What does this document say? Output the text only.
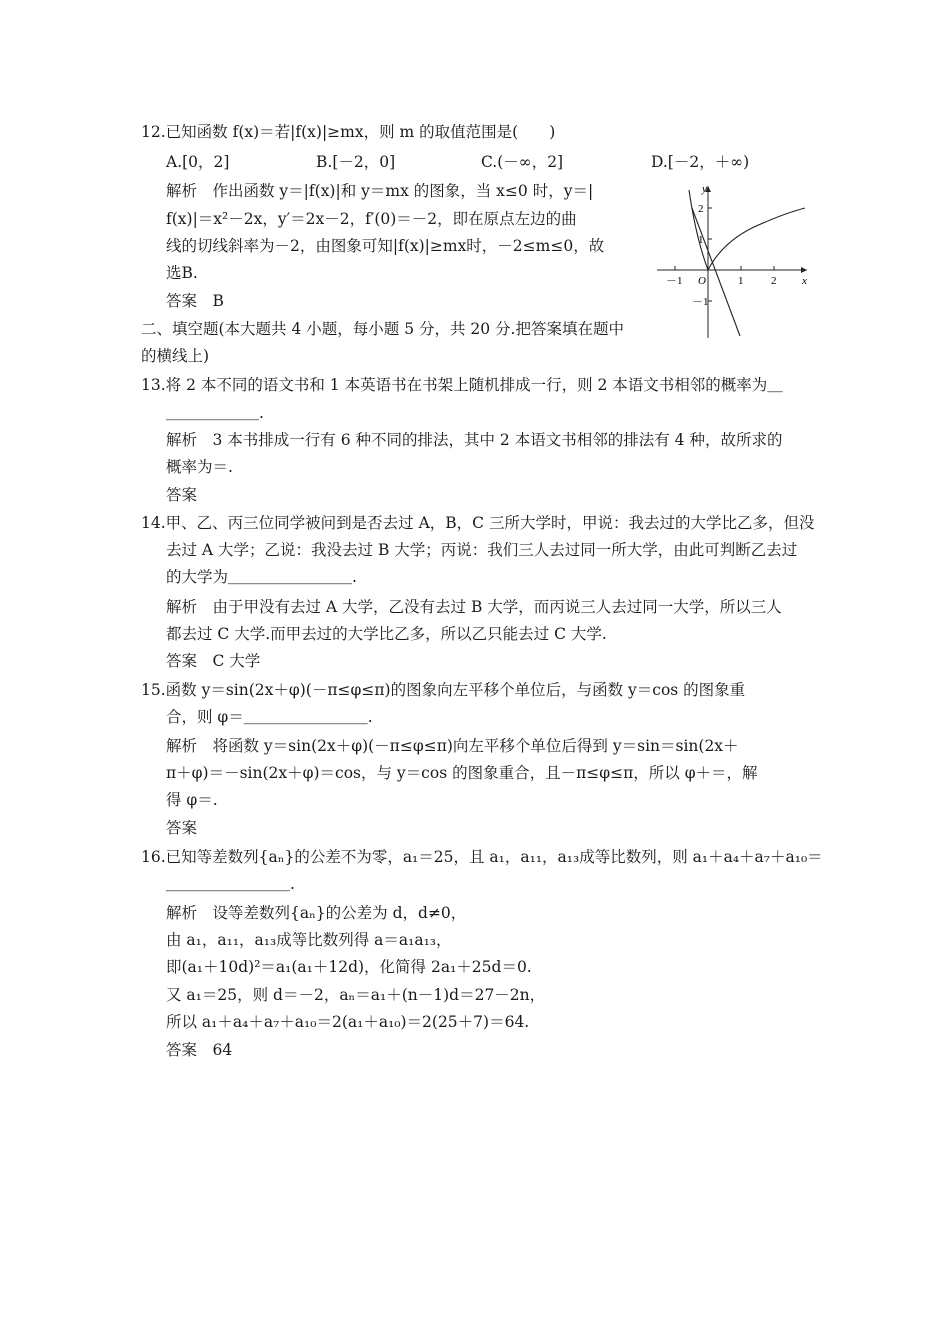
12.已知函数 f(x)＝若|f(x)|≥mx，则 m 的取值范围是(　　)
A.[0，2]	B.[－2，0]	C.(－∞，2]	D.[－2，＋∞)
解析　作出函数 y＝|f(x)|和 y＝mx 的图象，当 x≤0 时，y＝|
f(x)|＝x²－2x，y′＝2x－2，f′(0)＝－2，即在原点左边的曲
线的切线斜率为－2，由图象可知|f(x)|≥mx时，－2≤m≤0，故
选B.
答案　B
y
x
O
－1	1	2
2
1
－1
二、填空题(本大题共 4 小题，每小题 5 分，共 20 分.把答案填在题中
的横线上)
13.将 2 本不同的语文书和 1 本英语书在书架上随机排成一行，则 2 本语文书相邻的概率为＿
＿＿＿＿＿＿.
解析　3 本书排成一行有 6 种不同的排法，其中 2 本语文书相邻的排法有 4 种，故所求的
概率为＝.
答案
14.甲、乙、丙三位同学被问到是否去过 A，B，C 三所大学时，甲说：我去过的大学比乙多，但没
去过 A 大学；乙说：我没去过 B 大学；丙说：我们三人去过同一所大学，由此可判断乙去过
的大学为＿＿＿＿＿＿＿＿.
解析　由于甲没有去过 A 大学，乙没有去过 B 大学，而丙说三人去过同一大学，所以三人
都去过 C 大学.而甲去过的大学比乙多，所以乙只能去过 C 大学.
答案　C 大学
15.函数 y＝sin(2x＋φ)(－π≤φ≤π)的图象向左平移个单位后，与函数 y＝cos 的图象重
合，则 φ＝＿＿＿＿＿＿＿＿.
解析　将函数 y＝sin(2x＋φ)(－π≤φ≤π)向左平移个单位后得到 y＝sin＝sin(2x＋
π＋φ)＝－sin(2x＋φ)＝cos，与 y＝cos 的图象重合，且－π≤φ≤π，所以 φ＋＝，解
得 φ＝.
答案
16.已知等差数列{aₙ}的公差不为零，a₁＝25，且 a₁，a₁₁，a₁₃成等比数列，则 a₁＋a₄＋a₇＋a₁₀＝
＿＿＿＿＿＿＿＿.
解析　设等差数列{aₙ}的公差为 d，d≠0，
由 a₁，a₁₁，a₁₃成等比数列得 a＝a₁a₁₃，
即(a₁＋10d)²＝a₁(a₁＋12d)，化简得 2a₁＋25d＝0.
又 a₁＝25，则 d＝－2，aₙ＝a₁＋(n－1)d＝27－2n，
所以 a₁＋a₄＋a₇＋a₁₀＝2(a₁＋a₁₀)＝2(25＋7)＝64.
答案　64
